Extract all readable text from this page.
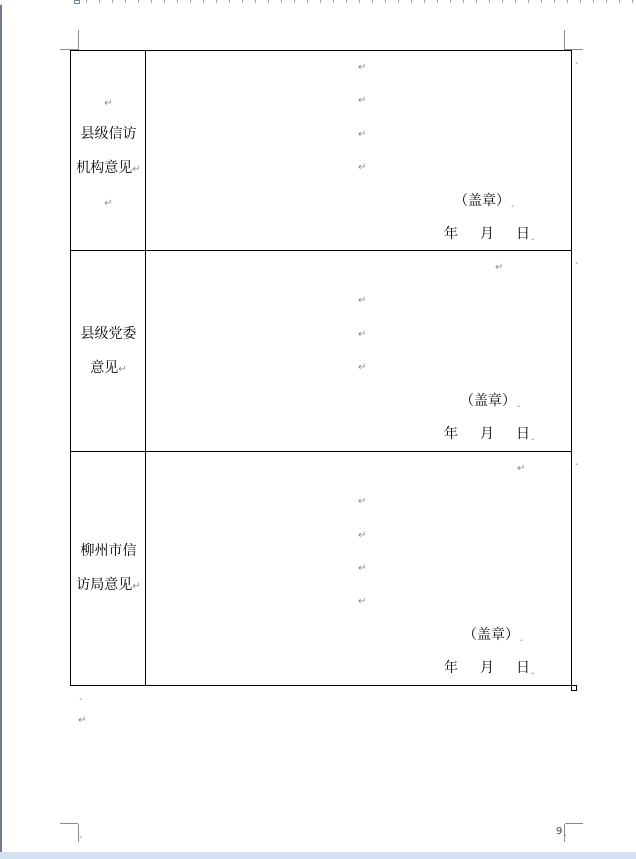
↵
县级信访
机构意见↵
↵
↵
↵
↵
↵
（盖章）¸
年 月 日¸
县级党委
意见↵
↵
↵
↵
↵
（盖章）¸
年 月 日¸
柳州市信
访局意见↵
↵
↵
↵
↵
↵
（盖章）¸
年 月 日¸
¸
¸
¸
¸
↵
¸	9¸
